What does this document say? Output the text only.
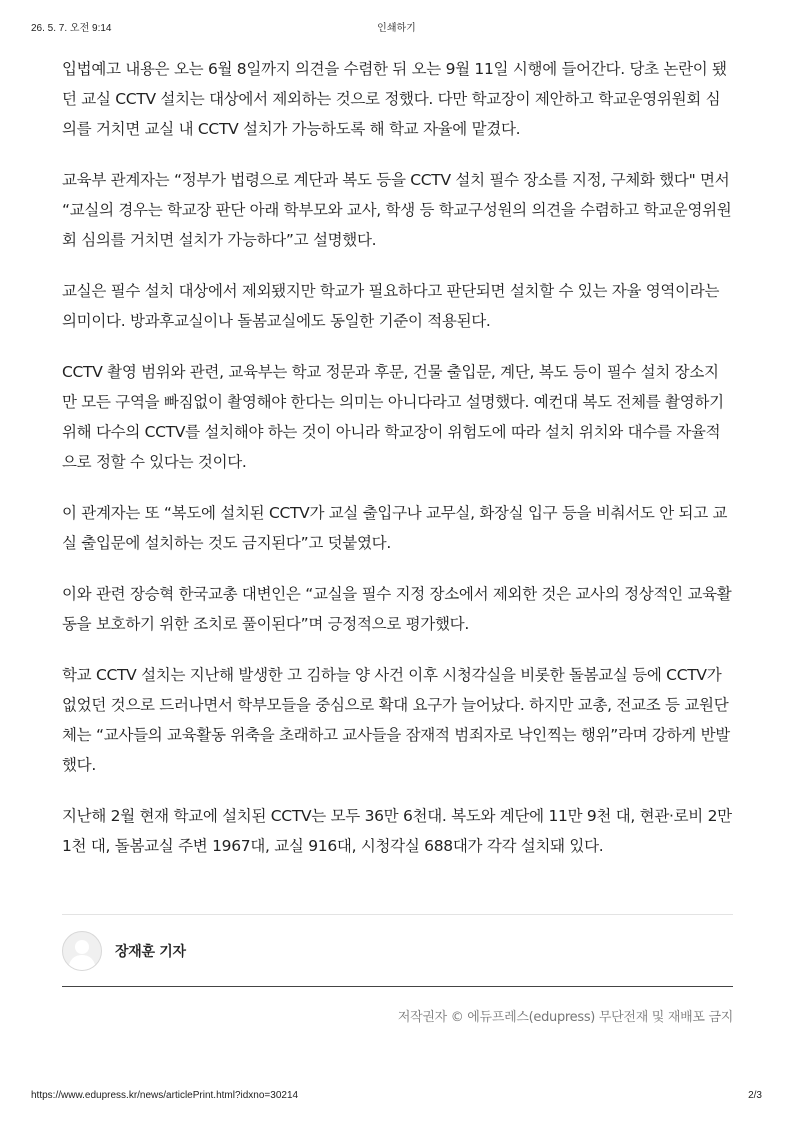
26. 5. 7. 오전 9:14	인쇄하기

입법예고 내용은 오는 6월 8일까지 의견을 수렴한 뒤 오는 9월 11일 시행에 들어간다. 당초 논란이 됐던 교실 CCTV 설치는 대상에서 제외하는 것으로 정했다. 다만 학교장이 제안하고 학교운영위원회 심의를 거치면 교실 내 CCTV 설치가 가능하도록 해 학교 자율에 맡겼다.

교육부 관계자는 “정부가 법령으로 계단과 복도 등을 CCTV 설치 필수 장소를 지정, 구체화 했다" 면서 “교실의 경우는 학교장 판단 아래 학부모와 교사, 학생 등 학교구성원의 의견을 수렴하고 학교운영위원회 심의를 거치면 설치가 가능하다”고 설명했다.

교실은 필수 설치 대상에서 제외됐지만 학교가 필요하다고 판단되면 설치할 수 있는 자율 영역이라는 의미이다. 방과후교실이나 돌봄교실에도 동일한 기준이 적용된다.

CCTV 촬영 범위와 관련, 교육부는 학교 정문과 후문, 건물 출입문, 계단, 복도 등이 필수 설치 장소지만 모든 구역을 빠짐없이 촬영해야 한다는 의미는 아니다라고 설명했다. 예컨대 복도 전체를 촬영하기 위해 다수의 CCTV를 설치해야 하는 것이 아니라 학교장이 위험도에 따라 설치 위치와 대수를 자율적으로 정할 수 있다는 것이다.

이 관계자는 또 “복도에 설치된 CCTV가 교실 출입구나 교무실, 화장실 입구 등을 비춰서도 안 되고 교실 출입문에 설치하는 것도 금지된다”고 덧붙였다.

이와 관련 장승혁 한국교총 대변인은 “교실을 필수 지정 장소에서 제외한 것은 교사의 정상적인 교육활동을 보호하기 위한 조치로 풀이된다”며 긍정적으로 평가했다.

학교 CCTV 설치는 지난해 발생한 고 김하늘 양 사건 이후 시청각실을 비롯한 돌봄교실 등에 CCTV가 없었던 것으로 드러나면서 학부모들을 중심으로 확대 요구가 늘어났다. 하지만 교총, 전교조 등 교원단체는 “교사들의 교육활동 위축을 초래하고 교사들을 잠재적 범죄자로 낙인찍는 행위”라며 강하게 반발했다.

지난해 2월 현재 학교에 설치된 CCTV는 모두 36만 6천대. 복도와 계단에 11만 9천 대, 현관·로비 2만 1천 대, 돌봄교실 주변 1967대, 교실 916대, 시청각실 688대가 각각 설치돼 있다.

장재훈 기자
저작권자 © 에듀프레스(edupress) 무단전재 및 재배포 금지
https://www.edupress.kr/news/articlePrint.html?idxno=30214	2/3
